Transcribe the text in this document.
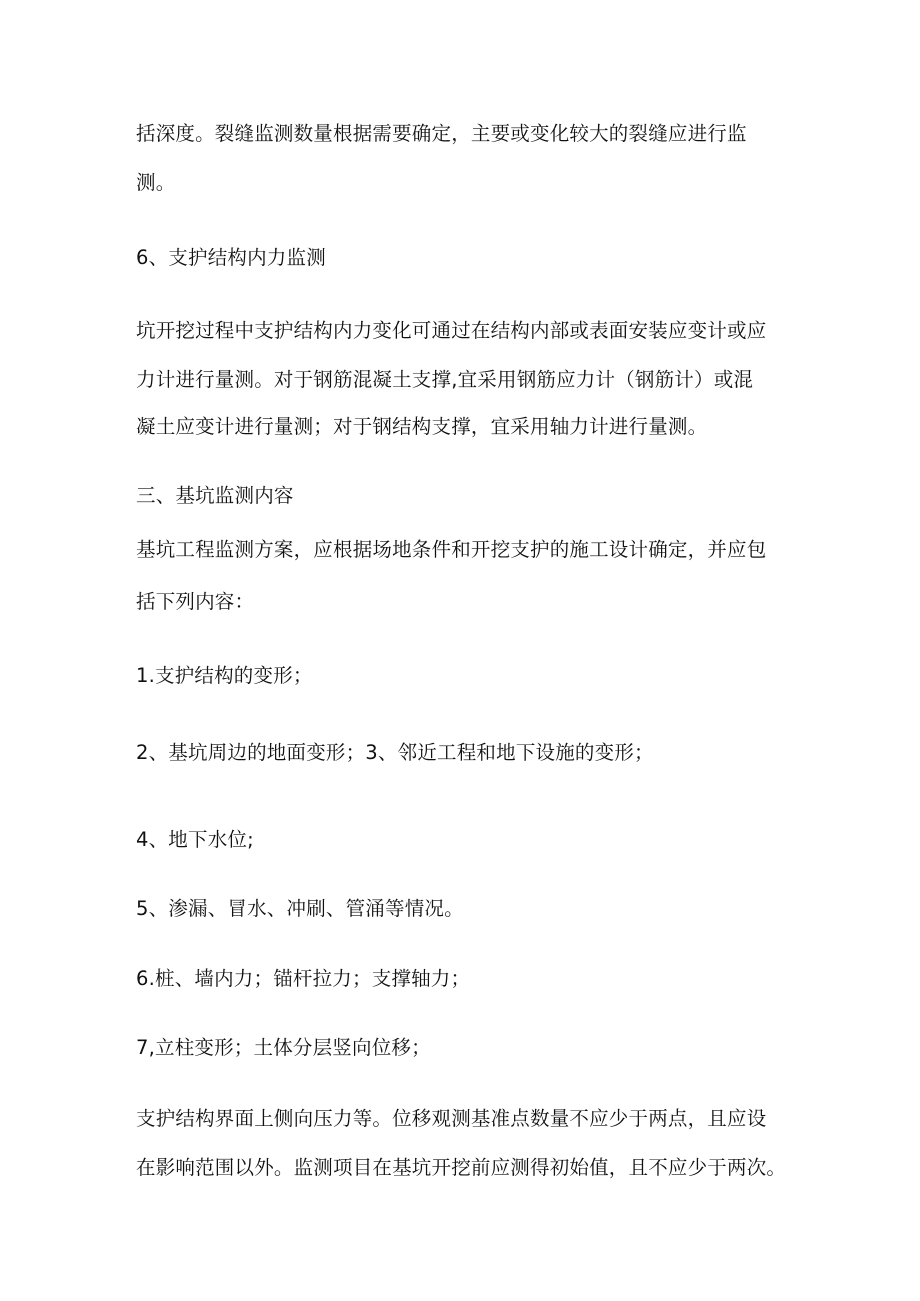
括深度。裂缝监测数量根据需要确定，主要或变化较大的裂缝应进行监

测。

6、支护结构内力监测

坑开挖过程中支护结构内力变化可通过在结构内部或表面安装应变计或应

力计进行量测。对于钢筋混凝土支撑,宜采用钢筋应力计（钢筋计）或混

凝土应变计进行量测；对于钢结构支撑，宜采用轴力计进行量测。

三、基坑监测内容

基坑工程监测方案，应根据场地条件和开挖支护的施工设计确定，并应包

括下列内容：

1.支护结构的变形；

2、基坑周边的地面变形；3、邻近工程和地下设施的变形；

4、地下水位;

5、渗漏、冒水、冲刷、管涌等情况。

6.桩、墙内力；锚杆拉力；支撑轴力；

7,立柱变形；土体分层竖向位移；

支护结构界面上侧向压力等。位移观测基准点数量不应少于两点，且应设

在影响范围以外。监测项目在基坑开挖前应测得初始值，且不应少于两次。
